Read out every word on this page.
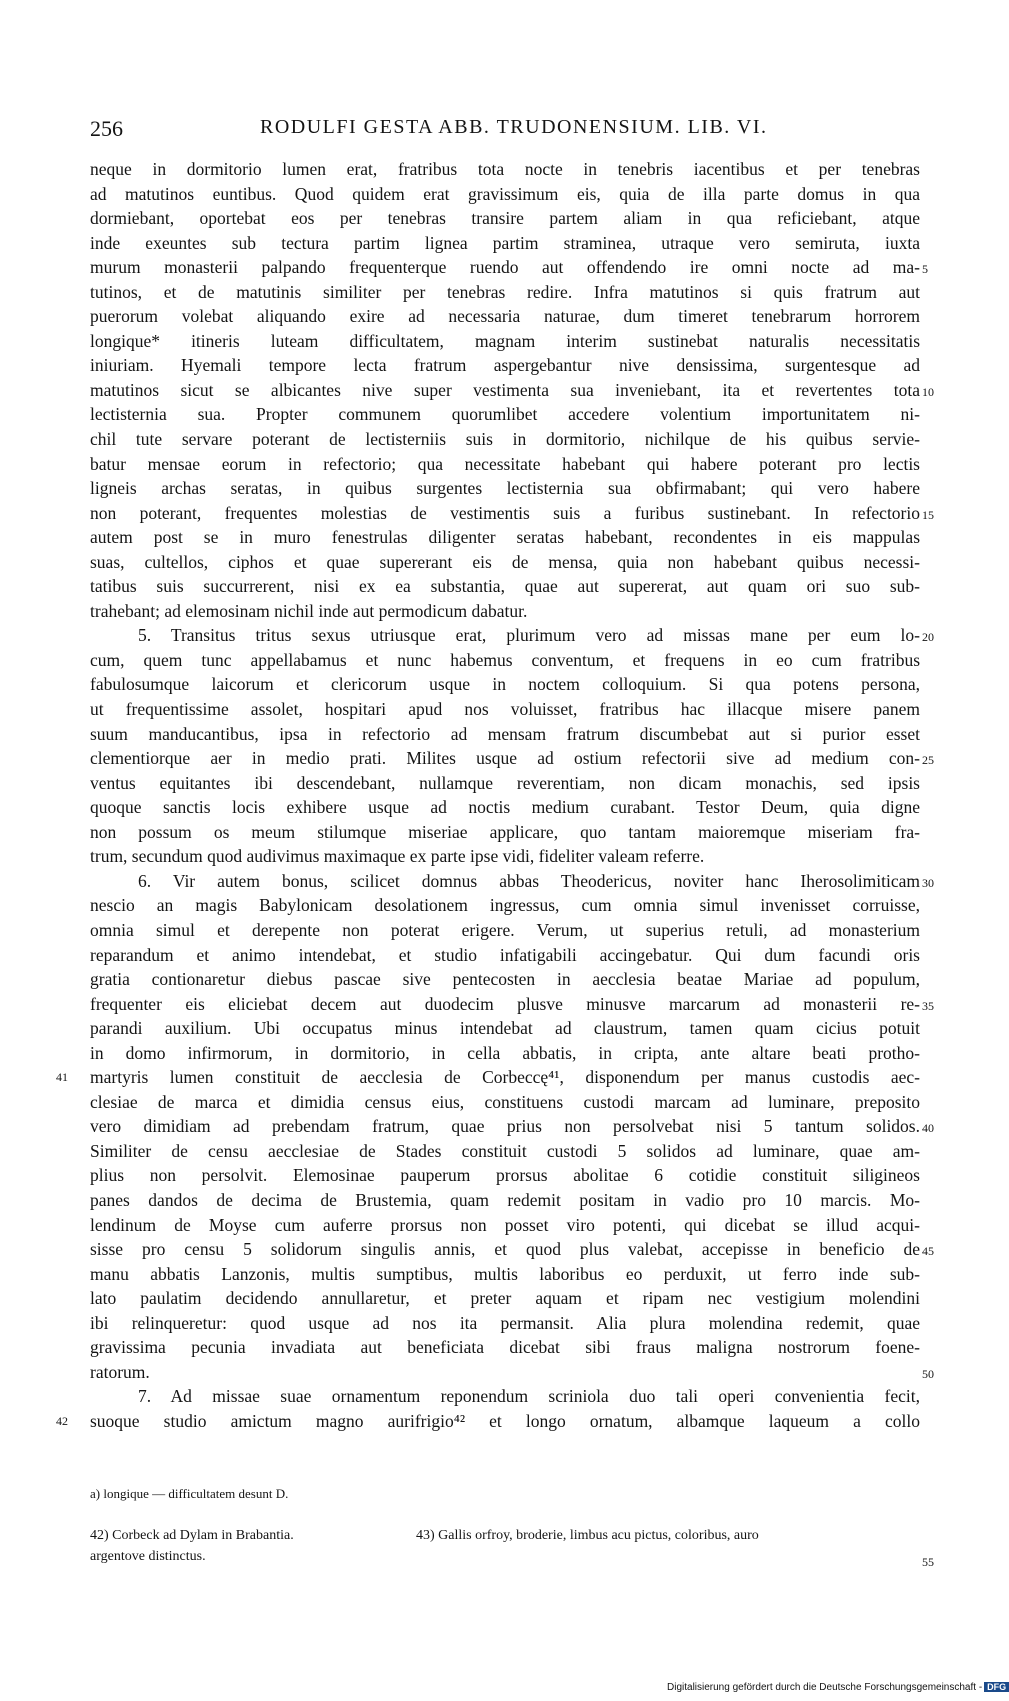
256	RODULFI GESTA ABB. TRUDONENSIUM. LIB. VI.
neque in dormitorio lumen erat, fratribus tota nocte in tenebris iacentibus et per tenebras
ad matutinos euntibus. Quod quidem erat gravissimum eis, quia de illa parte domus in qua
dormiebant, oportebat eos per tenebras transire partem aliam in qua reficiebant, atque
inde exeuntes sub tectura partim lignea partim straminea, utraque vero semiruta, iuxta
murum monasterii palpando frequenterque ruendo aut offendendo ire omni nocte ad ma- 5
tutinos, et de matutinis similiter per tenebras redire. Infra matutinos si quis fratrum aut
puerorum volebat aliquando exire ad necessaria naturae, dum timeret tenebrarum horrorem
longique* itineris luteam difficultatem, magnam interim sustinebat naturalis necessitatis
iniuriam. Hyemali tempore lecta fratrum aspergebantur nive densissima, surgentesque ad
matutinos sicut se albicantes nive super vestimenta sua inveniebant, ita et revertentes tota 10
lectisternia sua. Propter communem quorumlibet accedere volentium importunitatem ni-
chil tute servare poterant de lectisterniis suis in dormitorio, nichilque de his quibus servie-
batur mensae eorum in refectorio; qua necessitate habebant qui habere poterant pro lectis
ligneis archas seratas, in quibus surgentes lectisternia sua obfirmabant; qui vero habere
non poterant, frequentes molestias de vestimentis suis a furibus sustinebant. In refectorio 15
autem post se in muro fenestrulas diligenter seratas habebant, recondentes in eis mappulas
suas, cultellos, ciphos et quae supererant eis de mensa, quia non habebant quibus necessi-
tatibus suis succurrerent, nisi ex ea substantia, quae aut supererat, aut quam ori suo sub-
trahebant; ad elemosinam nichil inde aut permodicum dabatur.
5. Transitus tritus sexus utriusque erat, plurimum vero ad missas mane per eum lo- 20
cum, quem tunc appellabamus et nunc habemus conventum, et frequens in eo cum fratribus
fabulosumque laicorum et clericorum usque in noctem colloquium. Si qua potens persona,
ut frequentissime assolet, hospitari apud nos voluisset, fratribus hac illacque misere panem
suum manducantibus, ipsa in refectorio ad mensam fratrum discumbebat aut si purior esset
clementiorque aer in medio prati. Milites usque ad ostium refectorii sive ad medium con- 25
ventus equitantes ibi descendebant, nullamque reverentiam, non dicam monachis, sed ipsis
quoque sanctis locis exhibere usque ad noctis medium curabant. Testor Deum, quia digne
non possum os meum stilumque miseriae applicare, quo tantam maioremque miseriam fra-
trum, secundum quod audivimus maximaque ex parte ipse vidi, fideliter valeam referre.
6. Vir autem bonus, scilicet domnus abbas Theodericus, noviter hanc Iherosolimiticam 30
nescio an magis Babylonicam desolationem ingressus, cum omnia simul invenisset corruisse,
omnia simul et derepente non poterat erigere. Verum, ut superius retuli, ad monasterium
reparandum et animo intendebat, et studio infatigabili accingebatur. Qui dum facundi oris
gratia contionaretur diebus pascae sive pentecosten in aecclesia beatae Mariae ad populum,
frequenter eis eliciebat decem aut duodecim plusve minusve marcarum ad monasterii re- 35
parandi auxilium. Ubi occupatus minus intendebat ad claustrum, tamen quam cicius potuit
in domo infirmorum, in dormitorio, in cella abbatis, in cripta, ante altare beati protho-
martyris lumen constituit de aecclesia de Corbeccę⁴¹, disponendum per manus custodis aec-
41
clesiae de marca et dimidia census eius, constituens custodi marcam ad luminare, preposito
vero dimidiam ad prebendam fratrum, quae prius non persolvebat nisi 5 tantum solidos. 40
Similiter de censu aecclesiae de Stades constituit custodi 5 solidos ad luminare, quae am-
plius non persolvit. Elemosinae pauperum prorsus abolitae 6 cotidie constituit siligineos
panes dandos de decima de Brustemia, quam redemit positam in vadio pro 10 marcis. Mo-
lendinum de Moyse cum auferre prorsus non posset viro potenti, qui dicebat se illud acqui-
sisse pro censu 5 solidorum singulis annis, et quod plus valebat, accepisse in beneficio de 45
manu abbatis Lanzonis, multis sumptibus, multis laboribus eo perduxit, ut ferro inde sub-
lato paulatim decidendo annullaretur, et preter aquam et ripam nec vestigium molendini
ibi relinqueretur: quod usque ad nos ita permansit. Alia plura molendina redemit, quae
gravissima pecunia invadiata aut beneficiata dicebat sibi fraus maligna nostrorum foene-
ratorum.	50
7. Ad missae suae ornamentum reponendum scriniola duo tali operi convenientia fecit,
suoque studio amictum magno aurifrigio⁴² et longo ornatum, albamque laqueum a collo
42
a) longique — difficultatem desunt D.
42) Corbeck ad Dylam in Brabantia.	43) Gallis orfroy, broderie, limbus acu pictus, coloribus, auro
argentove distinctus.	55
Digitalisierung gefördert durch die Deutsche Forschungsgemeinschaft - DFG
